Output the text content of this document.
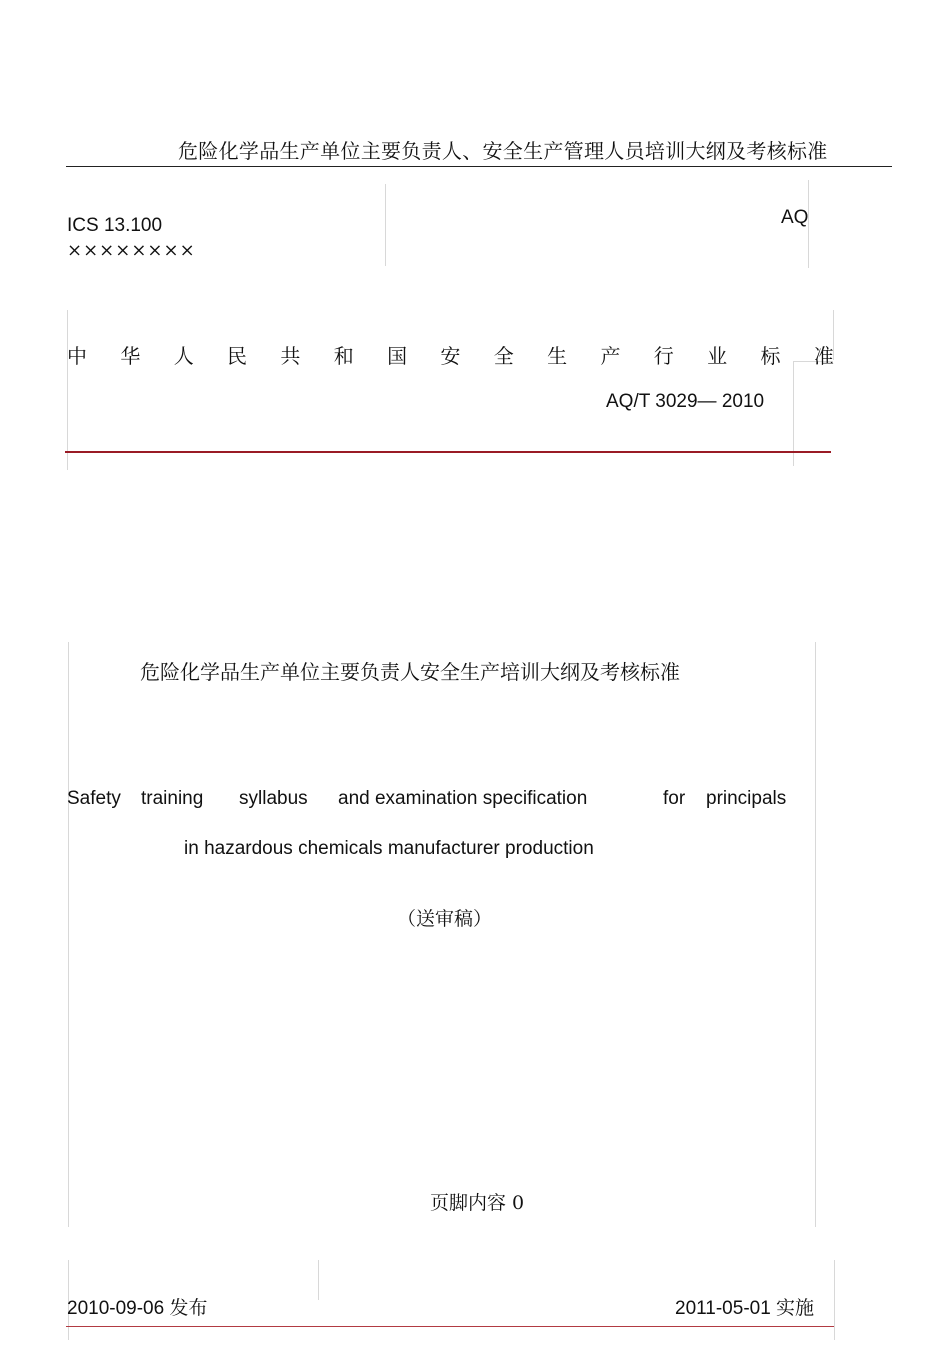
危险化学品生产单位主要负责人、安全生产管理人员培训大纲及考核标准
ICS 13.100
××××××××
AQ
中 华 人 民 共 和 国 安 全 生 产 行 业 标 准
AQ/T 3029— 2010
危险化学品生产单位主要负责人安全生产培训大纲及考核标准
Safety training syllabus and examination specification	for principals
in hazardous chemicals manufacturer production
（送审稿）
页脚内容 0
2010-09-06 发布	2011-05-01 实施
